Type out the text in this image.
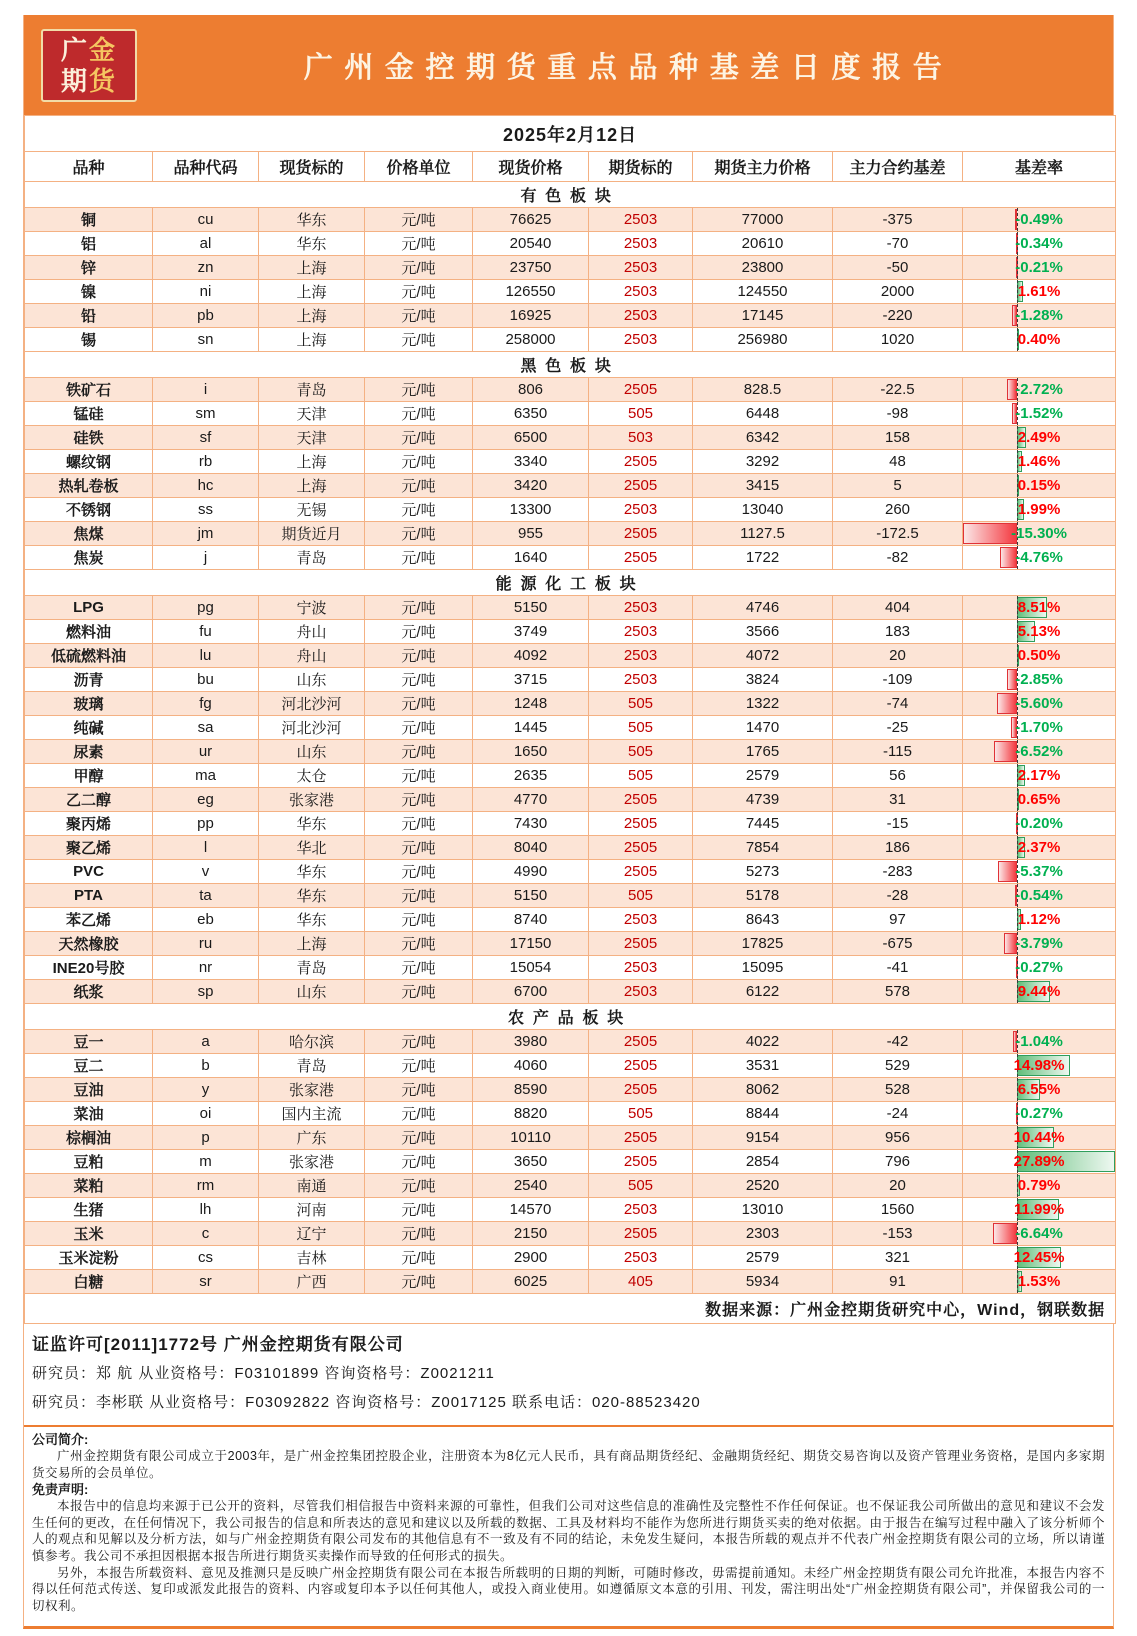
广金
期货	广州金控期货重点品种基差日度报告
2025年2月12日								
品种	品种代码	现货标的	价格单位	现货价格	期货标的	期货主力价格	主力合约基差	基差率
有色板块								
铜	cu	华东	元/吨	76625	2503	77000	-375	-0.49%
铝	al	华东	元/吨	20540	2503	20610	-70	-0.34%
锌	zn	上海	元/吨	23750	2503	23800	-50	-0.21%
镍	ni	上海	元/吨	126550	2503	124550	2000	1.61%
铅	pb	上海	元/吨	16925	2503	17145	-220	-1.28%
锡	sn	上海	元/吨	258000	2503	256980	1020	0.40%
黑色板块								
铁矿石	i	青岛	元/吨	806	2505	828.5	-22.5	-2.72%
锰硅	sm	天津	元/吨	6350	505	6448	-98	-1.52%
硅铁	sf	天津	元/吨	6500	503	6342	158	2.49%
螺纹钢	rb	上海	元/吨	3340	2505	3292	48	1.46%
热轧卷板	hc	上海	元/吨	3420	2505	3415	5	0.15%
不锈钢	ss	无锡	元/吨	13300	2503	13040	260	1.99%
焦煤	jm	期货近月	元/吨	955	2505	1127.5	-172.5	-15.30%
焦炭	j	青岛	元/吨	1640	2505	1722	-82	-4.76%
能源化工板块								
LPG	pg	宁波	元/吨	5150	2503	4746	404	8.51%
燃料油	fu	舟山	元/吨	3749	2503	3566	183	5.13%
低硫燃料油	lu	舟山	元/吨	4092	2503	4072	20	0.50%
沥青	bu	山东	元/吨	3715	2503	3824	-109	-2.85%
玻璃	fg	河北沙河	元/吨	1248	505	1322	-74	-5.60%
纯碱	sa	河北沙河	元/吨	1445	505	1470	-25	-1.70%
尿素	ur	山东	元/吨	1650	505	1765	-115	-6.52%
甲醇	ma	太仓	元/吨	2635	505	2579	56	2.17%
乙二醇	eg	张家港	元/吨	4770	2505	4739	31	0.65%
聚丙烯	pp	华东	元/吨	7430	2505	7445	-15	-0.20%
聚乙烯	l	华北	元/吨	8040	2505	7854	186	2.37%
PVC	v	华东	元/吨	4990	2505	5273	-283	-5.37%
PTA	ta	华东	元/吨	5150	505	5178	-28	-0.54%
苯乙烯	eb	华东	元/吨	8740	2503	8643	97	1.12%
天然橡胶	ru	上海	元/吨	17150	2505	17825	-675	-3.79%
INE20号胶	nr	青岛	元/吨	15054	2503	15095	-41	-0.27%
纸浆	sp	山东	元/吨	6700	2503	6122	578	9.44%
农产品板块								
豆一	a	哈尔滨	元/吨	3980	2505	4022	-42	-1.04%
豆二	b	青岛	元/吨	4060	2505	3531	529	14.98%
豆油	y	张家港	元/吨	8590	2505	8062	528	6.55%
菜油	oi	国内主流	元/吨	8820	505	8844	-24	-0.27%
棕榈油	p	广东	元/吨	10110	2505	9154	956	10.44%
豆粕	m	张家港	元/吨	3650	2505	2854	796	27.89%
菜粕	rm	南通	元/吨	2540	505	2520	20	0.79%
生猪	lh	河南	元/吨	14570	2503	13010	1560	11.99%
玉米	c	辽宁	元/吨	2150	2505	2303	-153	-6.64%
玉米淀粉	cs	吉林	元/吨	2900	2503	2579	321	12.45%
白糖	sr	广西	元/吨	6025	405	5934	91	1.53%
数据来源：广州金控期货研究中心，Wind，钢联数据								
证监许可[2011]1772号 广州金控期货有限公司
研究员：郑 航 从业资格号：F03101899 咨询资格号：Z0021211
研究员：李彬联 从业资格号：F03092822 咨询资格号：Z0017125 联系电话：020-88523420
公司简介:

广州金控期货有限公司成立于2003年，是广州金控集团控股企业，注册资本为8亿元人民币，具有商品期货经纪、金融期货经纪、期货交易咨询以及资产管理业务资格，是国内多家期货交易所的会员单位。

免责声明:

本报告中的信息均来源于已公开的资料，尽管我们相信报告中资料来源的可靠性，但我们公司对这些信息的准确性及完整性不作任何保证。也不保证我公司所做出的意见和建议不会发生任何的更改，在任何情况下，我公司报告的信息和所表达的意见和建议以及所载的数据、工具及材料均不能作为您所进行期货买卖的绝对依据。由于报告在编写过程中融入了该分析师个人的观点和见解以及分析方法，如与广州金控期货有限公司发布的其他信息有不一致及有不同的结论，未免发生疑问，本报告所载的观点并不代表广州金控期货有限公司的立场，所以请谨慎参考。我公司不承担因根据本报告所进行期货买卖操作而导致的任何形式的损失。

另外，本报告所载资料、意见及推测只是反映广州金控期货有限公司在本报告所载明的日期的判断，可随时修改，毋需提前通知。未经广州金控期货有限公司允许批准，本报告内容不得以任何范式传送、复印或派发此报告的资料、内容或复印本予以任何其他人，或投入商业使用。如遵循原文本意的引用、刊发，需注明出处“广州金控期货有限公司”，并保留我公司的一切权利。
